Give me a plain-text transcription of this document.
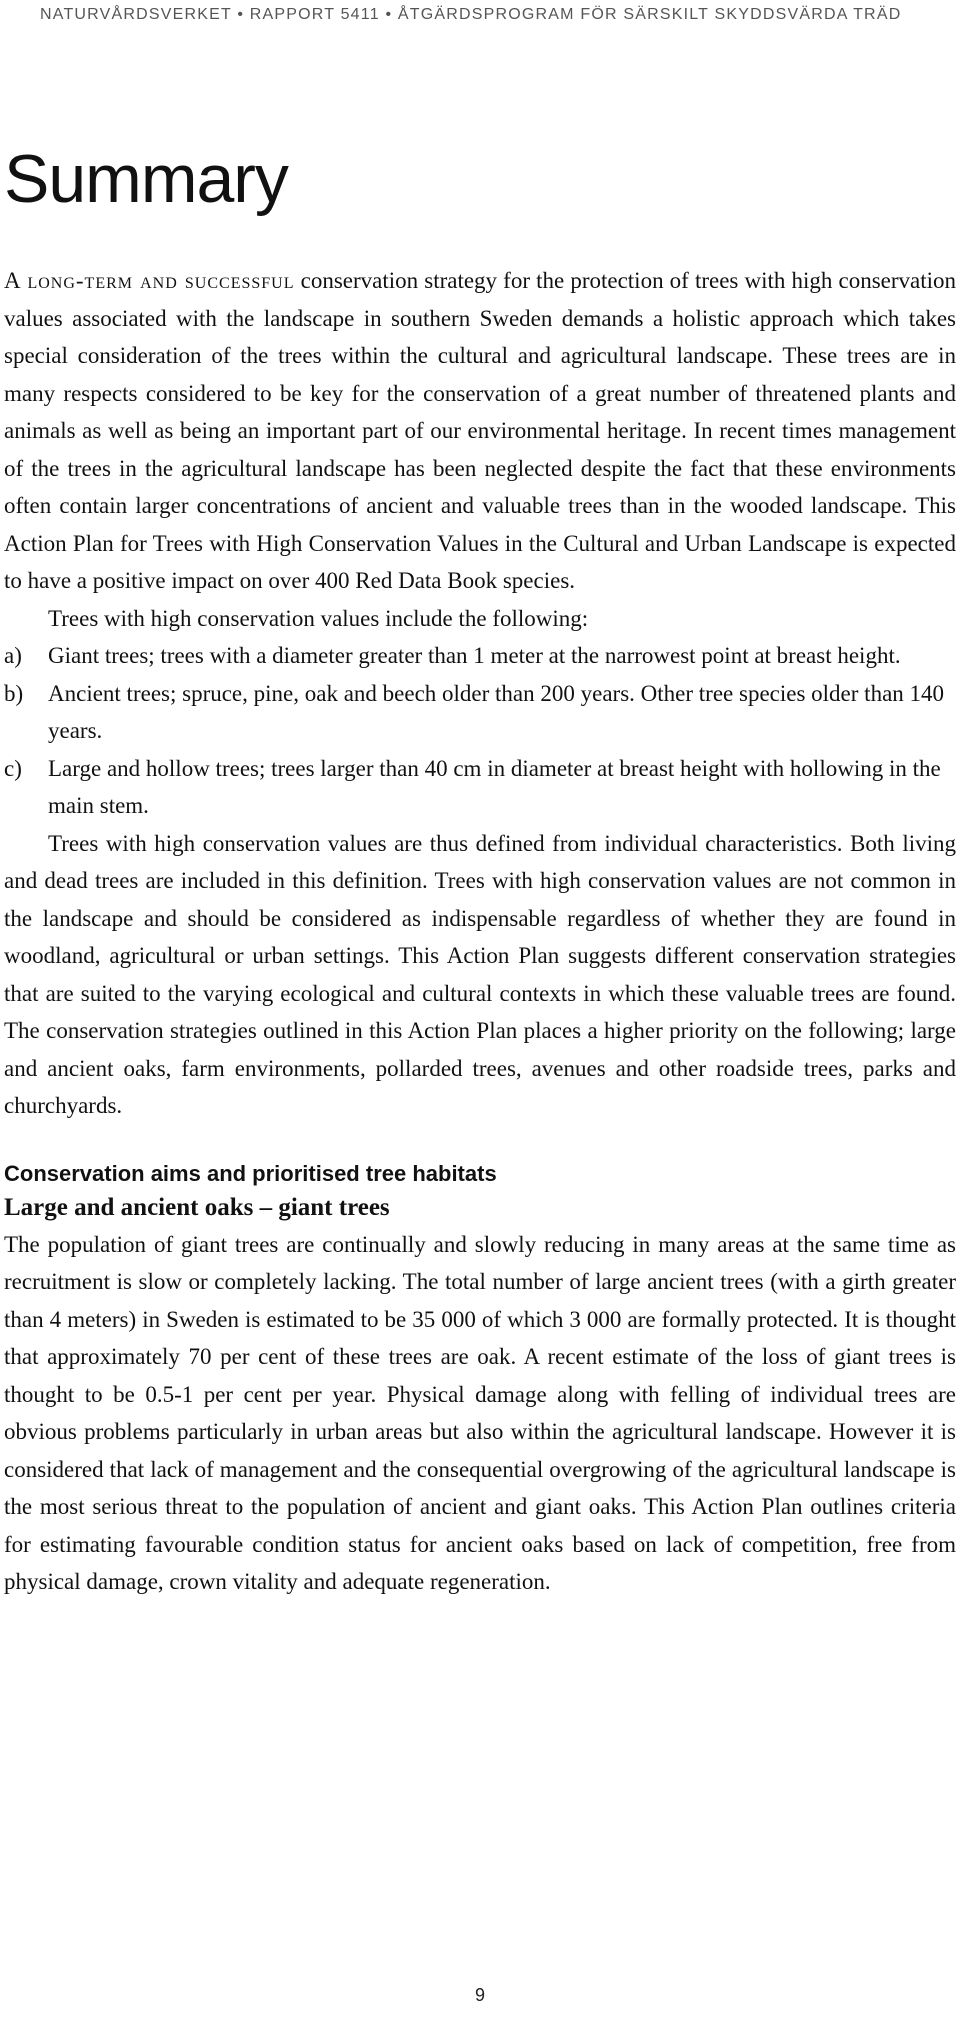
NATURVÅRDSVERKET • RAPPORT 5411 • ÅTGÄRDSPROGRAM FÖR SÄRSKILT SKYDDSVÄRDA TRÄD
Summary

A long-term and successful conservation strategy for the protection of trees with high conservation values associated with the landscape in southern Sweden demands a holistic approach which takes special consideration of the trees within the cultural and agricultural landscape. These trees are in many respects considered to be key for the conservation of a great number of threatened plants and animals as well as being an important part of our environmental heritage. In recent times management of the trees in the agricultural landscape has been neglected despite the fact that these environments often contain larger concentrations of ancient and valuable trees than in the wooded landscape. This Action Plan for Trees with High Conservation Values in the Cultural and Urban Landscape is expected to have a positive impact on over 400 Red Data Book species.

Trees with high conservation values include the following:

a)	Giant trees; trees with a diameter greater than 1 meter at the narrowest point at breast height.
b)	Ancient trees; spruce, pine, oak and beech older than 200 years. Other tree species older than 140 years.
c)	Large and hollow trees; trees larger than 40 cm in diameter at breast height with hollowing in the main stem.

Trees with high conservation values are thus defined from individual characteristics. Both living and dead trees are included in this definition. Trees with high conservation values are not common in the landscape and should be considered as indispensable regardless of whether they are found in woodland, agricultural or urban settings. This Action Plan suggests different conservation strategies that are suited to the varying ecological and cultural contexts in which these valuable trees are found. The conservation strategies outlined in this Action Plan places a higher priority on the following; large and ancient oaks, farm environments, pollarded trees, avenues and other roadside trees, parks and churchyards.

Conservation aims and prioritised tree habitats
Large and ancient oaks – giant trees

The population of giant trees are continually and slowly reducing in many areas at the same time as recruitment is slow or completely lacking. The total number of large ancient trees (with a girth greater than 4 meters) in Sweden is estimated to be 35 000 of which 3 000 are formally protected. It is thought that approximately 70 per cent of these trees are oak. A recent estimate of the loss of giant trees is thought to be 0.5-1 per cent per year. Physical damage along with felling of individual trees are obvious problems particularly in urban areas but also within the agricultural landscape. However it is considered that lack of management and the consequential overgrowing of the agricultural landscape is the most serious threat to the population of ancient and giant oaks. This Action Plan outlines criteria for estimating favourable condition status for ancient oaks based on lack of competition, free from physical damage, crown vitality and adequate regeneration.

9
